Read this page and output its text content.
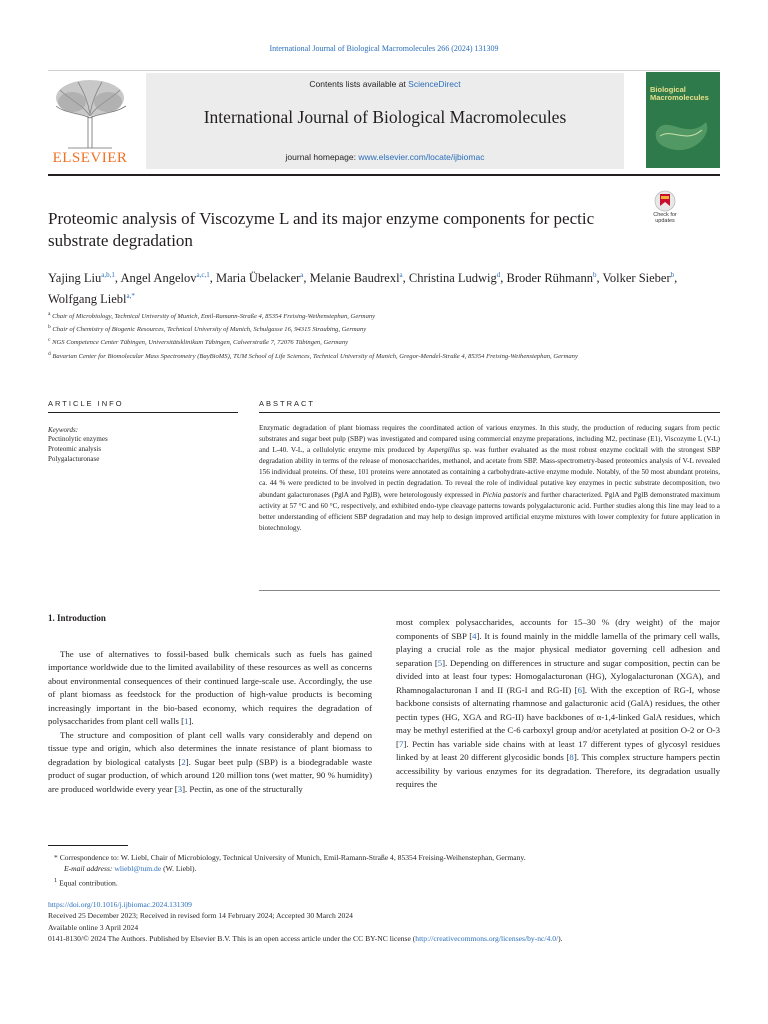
International Journal of Biological Macromolecules 266 (2024) 131309
ELSEVIER
Contents lists available at ScienceDirect
International Journal of Biological Macromolecules
journal homepage: www.elsevier.com/locate/ijbiomac
Biological Macromolecules
Proteomic analysis of Viscozyme L and its major enzyme components for pectic substrate degradation
Check for updates
Yajing Liu$^{a,b,1}$, Angel Angelov$^{a,c,1}$, Maria Übelacker$^a$, Melanie Baudrexl$^a$, Christina Ludwig$^d$, Broder Rühmann$^b$, Volker Sieber$^b$, Wolfgang Liebl$^{a,*}$
$^a$ Chair of Microbiology, Technical University of Munich, Emil-Ramann-Straße 4, 85354 Freising-Weihenstephan, Germany
$^b$ Chair of Chemistry of Biogenic Resources, Technical University of Munich, Schulgasse 16, 94315 Straubing, Germany
$^c$ NGS Competence Center Tübingen, Universitätsklinikum Tübingen, Calwerstraße 7, 72076 Tübingen, Germany
$^d$ Bavarian Center for Biomolecular Mass Spectrometry (BayBioMS), TUM School of Life Sciences, Technical University of Munich, Gregor-Mendel-Straße 4, 85354 Freising-Weihenstephan, Germany
ARTICLE INFO
Keywords:
Pectinolytic enzymes
Proteomic analysis
Polygalacturonase
ABSTRACT
Enzymatic degradation of plant biomass requires the coordinated action of various enzymes. In this study, the production of reducing sugars from pectic substrates and sugar beet pulp (SBP) was investigated and compared using commercial enzyme preparations, including M2, pectinase (E1), Viscozyme L (V-L) and L-40. V-L, a cellulolytic enzyme mix produced by Aspergillus sp. was further evaluated as the most robust enzyme cocktail with the strongest SBP degradation ability in terms of the release of monosaccharides, methanol, and acetate from SBP. Mass-spectrometry-based proteomics analysis of V-L revealed 156 individual proteins. Of these, 101 proteins were annotated as containing a carbohydrate-active enzyme module. Notably, of the 50 most abundant proteins, ca. 44 % were predicted to be involved in pectin degradation. To reveal the role of individual putative key enzymes in pectic substrate decomposition, two abundant galacturonases (PglA and PglB), were heterologously expressed in Pichia pastoris and further characterized. PglA and PglB demonstrated maximum activity at 57 °C and 60 °C, respectively, and exhibited endo-type cleavage patterns towards polygalacturonic acid. Further studies along this line may lead to a better understanding of efficient SBP degradation and may help to design improved artificial enzyme mixtures with lower complexity for future application in biotechnology.

1. Introduction

The use of alternatives to fossil-based bulk chemicals such as fuels has gained importance worldwide due to the limited availability of these resources as well as concerns about environmental consequences of their continued large-scale use. Accordingly, the use of plant biomass as feedstock for the production of high-value products is becoming increasingly important in the bio-based economy, which requires the degradation of polysaccharides from plant cell walls [1].

The structure and composition of plant cell walls vary considerably and depend on tissue type and origin, which also determines the innate resistance of plant biomass to degradation by biological catalysts [2]. Sugar beet pulp (SBP) is a biodegradable waste product of sugar production, of which around 120 million tons (wet matter, 90 % humidity) are produced worldwide every year [3]. Pectin, as one of the structurally

most complex polysaccharides, accounts for 15–30 % (dry weight) of the major components of SBP [4]. It is found mainly in the middle lamella of the primary cell walls, playing a crucial role as the major physical mediator governing cell adhesion and separation [5]. Depending on differences in structure and sugar composition, pectin can be divided into at least four types: Homogalacturonan (HG), Xylogalacturonan (XGA), and Rhamnogalacturonan I and II (RG-I and RG-II) [6]. With the exception of RG-I, whose backbone consists of alternating rhamnose and galacturonic acid (GalA) residues, the other pectin types (HG, XGA and RG-II) have backbones of α-1,4-linked GalA residues, which may be methyl esterified at the C-6 carboxyl group and/or acetylated at position O-2 or O-3 [7]. Pectin has variable side chains with at least 17 different types of glycosyl residues linked by at least 20 different glycosidic bonds [8]. This complex structure hampers pectin accessibility by various enzymes for its degradation. Therefore, its degradation usually requires the

* Correspondence to: W. Liebl, Chair of Microbiology, Technical University of Munich, Emil-Ramann-Straße 4, 85354 Freising-Weihenstephan, Germany.
E-mail address: wliebl@tum.de (W. Liebl).
$^1$ Equal contribution.
https://doi.org/10.1016/j.ijbiomac.2024.131309
Received 25 December 2023; Received in revised form 14 February 2024; Accepted 30 March 2024
Available online 3 April 2024
0141-8130/© 2024 The Authors. Published by Elsevier B.V. This is an open access article under the CC BY-NC license (http://creativecommons.org/licenses/by-nc/4.0/).
